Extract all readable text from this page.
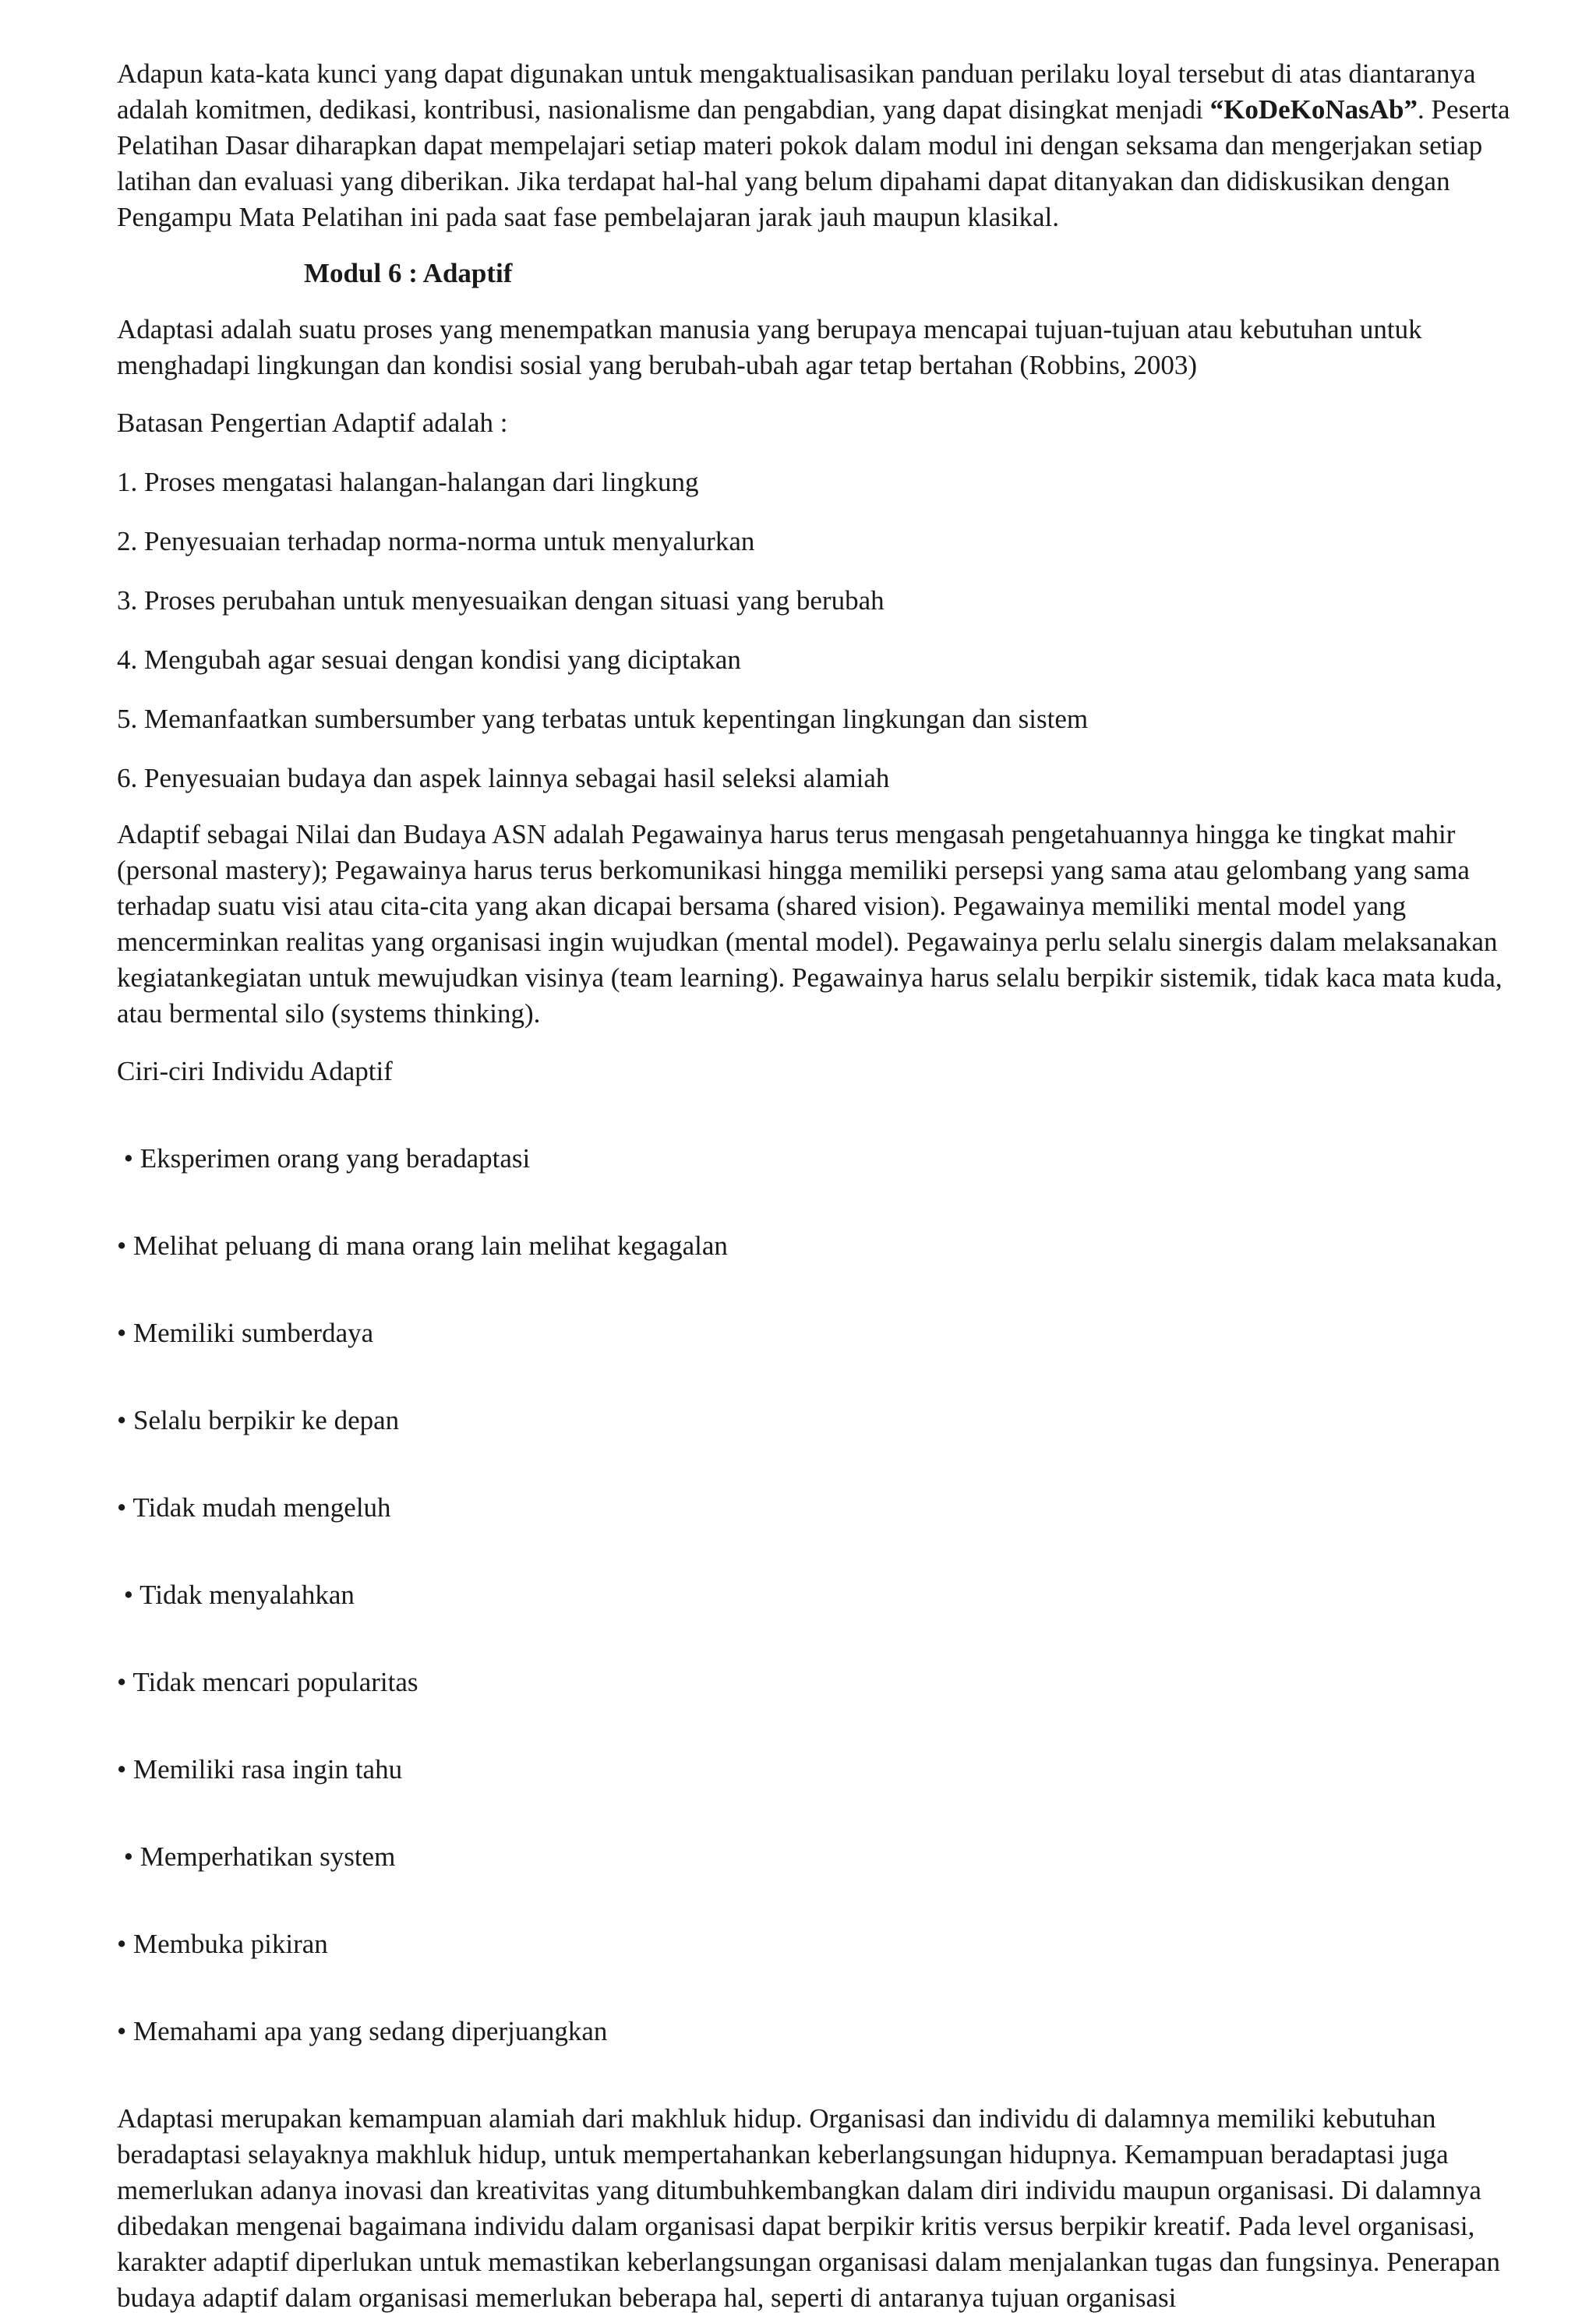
Adapun kata-kata kunci yang dapat digunakan untuk mengaktualisasikan panduan perilaku loyal tersebut di atas diantaranya adalah komitmen, dedikasi, kontribusi, nasionalisme dan pengabdian, yang dapat disingkat menjadi “KoDeKoNasAb”. Peserta Pelatihan Dasar diharapkan dapat mempelajari setiap materi pokok dalam modul ini dengan seksama dan mengerjakan setiap latihan dan evaluasi yang diberikan. Jika terdapat hal-hal yang belum dipahami dapat ditanyakan dan didiskusikan dengan Pengampu Mata Pelatihan ini pada saat fase pembelajaran jarak jauh maupun klasikal.

Modul 6 : Adaptif

Adaptasi adalah suatu proses yang menempatkan manusia yang berupaya mencapai tujuan-tujuan atau kebutuhan untuk menghadapi lingkungan dan kondisi sosial yang berubah-ubah agar tetap bertahan (Robbins, 2003)

Batasan Pengertian Adaptif adalah :

1. Proses mengatasi halangan-halangan dari lingkung

2. Penyesuaian terhadap norma-norma untuk menyalurkan

3. Proses perubahan untuk menyesuaikan dengan situasi yang berubah

4. Mengubah agar sesuai dengan kondisi yang diciptakan

5. Memanfaatkan sumbersumber yang terbatas untuk kepentingan lingkungan dan sistem

6. Penyesuaian budaya dan aspek lainnya sebagai hasil seleksi alamiah

Adaptif sebagai Nilai dan Budaya ASN adalah Pegawainya harus terus mengasah pengetahuannya hingga ke tingkat mahir (personal mastery); Pegawainya harus terus berkomunikasi hingga memiliki persepsi yang sama atau gelombang yang sama terhadap suatu visi atau cita-cita yang akan dicapai bersama (shared vision). Pegawainya memiliki mental model yang mencerminkan realitas yang organisasi ingin wujudkan (mental model). Pegawainya perlu selalu sinergis dalam melaksanakan kegiatankegiatan untuk mewujudkan visinya (team learning). Pegawainya harus selalu berpikir sistemik, tidak kaca mata kuda, atau bermental silo (systems thinking).

Ciri-ciri Individu Adaptif

• Eksperimen orang yang beradaptasi

• Melihat peluang di mana orang lain melihat kegagalan

• Memiliki sumberdaya

• Selalu berpikir ke depan

• Tidak mudah mengeluh

• Tidak menyalahkan

• Tidak mencari popularitas

• Memiliki rasa ingin tahu

• Memperhatikan system

• Membuka pikiran

• Memahami apa yang sedang diperjuangkan

Adaptasi merupakan kemampuan alamiah dari makhluk hidup. Organisasi dan individu di dalamnya memiliki kebutuhan beradaptasi selayaknya makhluk hidup, untuk mempertahankan keberlangsungan hidupnya. Kemampuan beradaptasi juga memerlukan adanya inovasi dan kreativitas yang ditumbuhkembangkan dalam diri individu maupun organisasi. Di dalamnya dibedakan mengenai bagaimana individu dalam organisasi dapat berpikir kritis versus berpikir kreatif. Pada level organisasi, karakter adaptif diperlukan untuk memastikan keberlangsungan organisasi dalam menjalankan tugas dan fungsinya. Penerapan budaya adaptif dalam organisasi memerlukan beberapa hal, seperti di antaranya tujuan organisasi
